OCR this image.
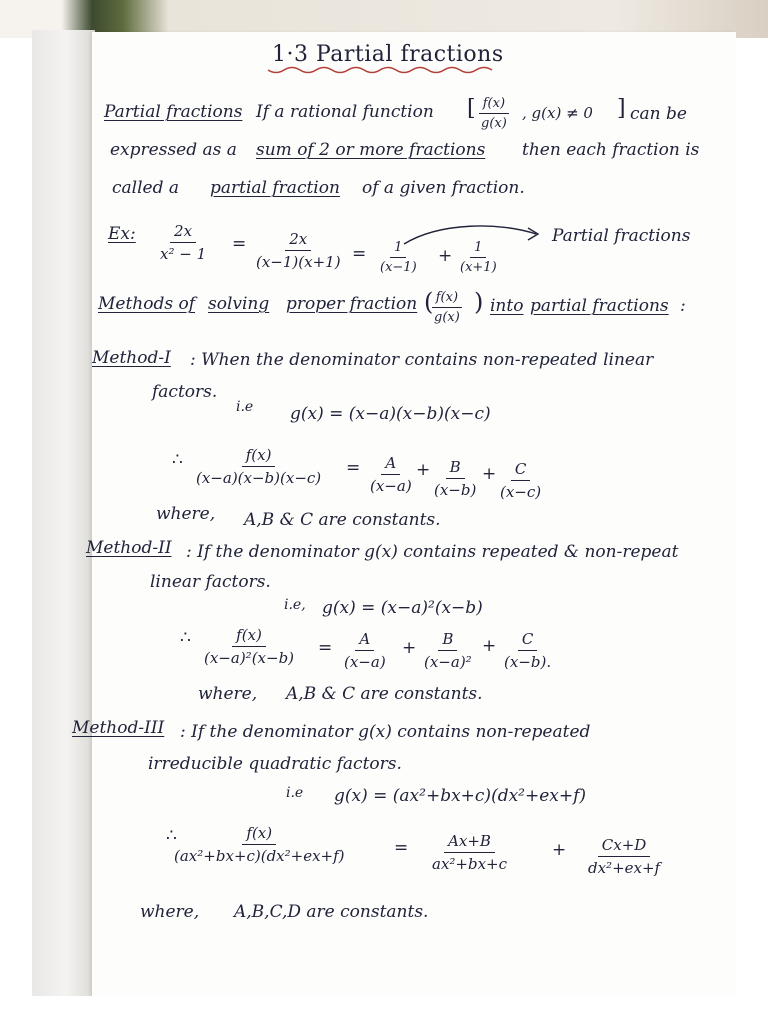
1·3 Partial fractions
Partial fractions If a rational function [ $\frac{f(x)}{g(x)}$ , g(x) ≠ 0 ] can be
expressed as a sum of 2 or more fractions then each fraction is
called a partial fraction of a given fraction.
Ex: $\frac{2x}{\text{x² − 1}} = \frac{2x}{(x-1)(x+1)} = \frac{1}{(x-1)} + \frac{1}{(x+1)}$
Partial fractions
Methods of solving proper fraction (
$\frac{f(x)}{g(x)}$ ) into partial fractions :
Method-I : When the denominator contains non-repeated linear
factors.
i.e g(x) = (x−a)(x−b)(x−c)
∴ $\frac{f(x)}{(x-a)(x-b)(x-c)} = \frac{A}{(x-a)} + \frac{B}{(x-b)} + \frac{C}{(x-c)}$
where, A,B & C are constants.
Method-II : If the denominator g(x) contains repeated & non-repeat
linear factors.
i.e, g(x) = (x−a)²(x−b)
∴ $\frac{f(x)}{\text{(x−a)²(x−b)}} = \frac{A}{(x-a)} + \frac{B}{\text{(x−a)²}} + \frac{C}{(x-b).}$
where, A,B & C are constants.
Method-III : If the denominator g(x) contains non-repeated
irreducible quadratic factors.
i.e g(x) = (ax²+bx+c)(dx²+ex+f)
∴
$\frac{f(x)}{\text{(ax²+bx+c)(dx²+ex+f)}}$	= $\frac{Ax+B}{\text{ax²+bx+c}} + \frac{Cx+D}{\text{dx²+ex+f}}$
where, A,B,C,D are constants.
